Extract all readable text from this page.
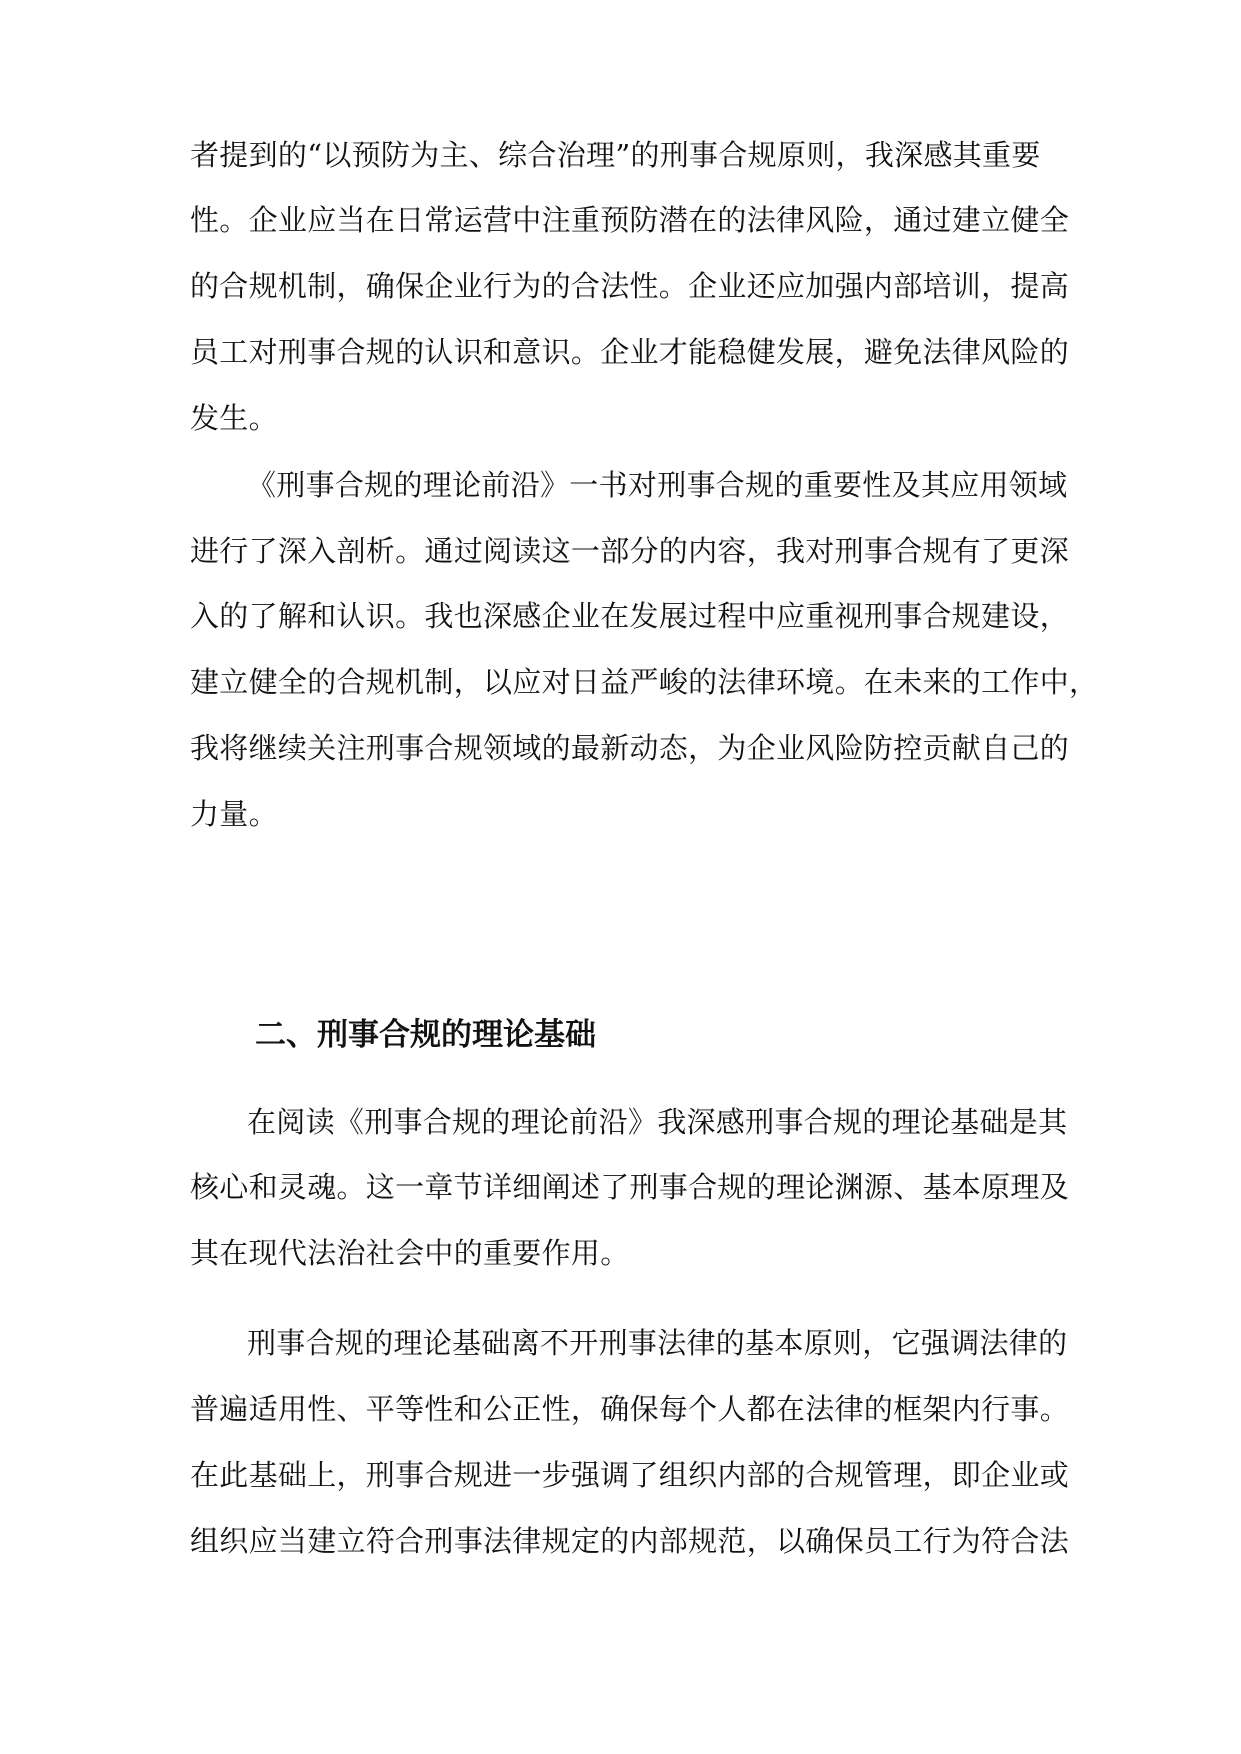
者提到的“以预防为主、综合治理”的刑事合规原则，我深感其重要
性。企业应当在日常运营中注重预防潜在的法律风险，通过建立健全
的合规机制，确保企业行为的合法性。企业还应加强内部培训，提高
员工对刑事合规的认识和意识。企业才能稳健发展，避免法律风险的
发生。
《刑事合规的理论前沿》一书对刑事合规的重要性及其应用领域
进行了深入剖析。通过阅读这一部分的内容，我对刑事合规有了更深
入的了解和认识。我也深感企业在发展过程中应重视刑事合规建设，
建立健全的合规机制，以应对日益严峻的法律环境。在未来的工作中，
我将继续关注刑事合规领域的最新动态，为企业风险防控贡献自己的
力量。
二、刑事合规的理论基础
在阅读《刑事合规的理论前沿》我深感刑事合规的理论基础是其
核心和灵魂。这一章节详细阐述了刑事合规的理论渊源、基本原理及
其在现代法治社会中的重要作用。
刑事合规的理论基础离不开刑事法律的基本原则，它强调法律的
普遍适用性、平等性和公正性，确保每个人都在法律的框架内行事。
在此基础上，刑事合规进一步强调了组织内部的合规管理，即企业或
组织应当建立符合刑事法律规定的内部规范，以确保员工行为符合法
